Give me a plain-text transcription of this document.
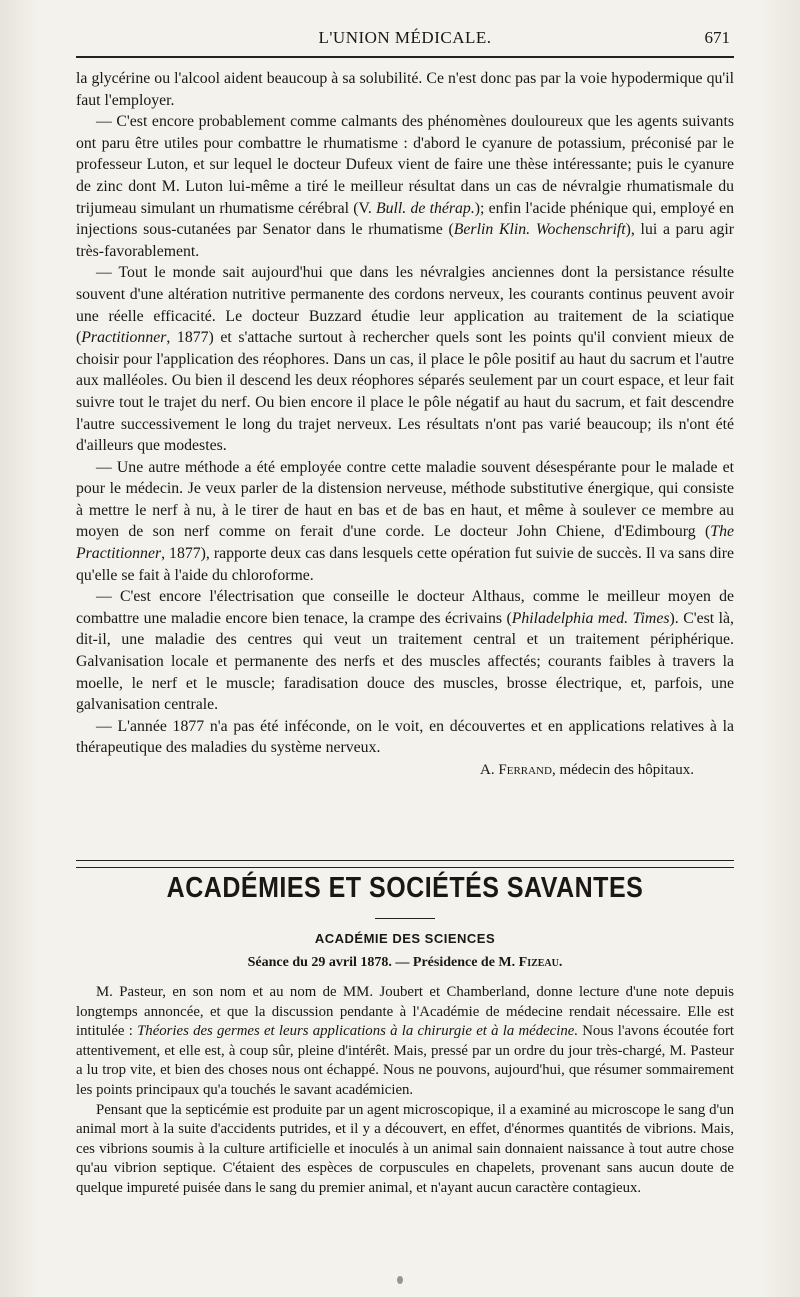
L'UNION MÉDICALE.	671

la glycérine ou l'alcool aident beaucoup à sa solubilité. Ce n'est donc pas par la voie hypodermique qu'il faut l'employer.

— C'est encore probablement comme calmants des phénomènes douloureux que les agents suivants ont paru être utiles pour combattre le rhumatisme : d'abord le cyanure de potassium, préconisé par le professeur Luton, et sur lequel le docteur Dufeux vient de faire une thèse intéressante; puis le cyanure de zinc dont M. Luton lui-même a tiré le meilleur résultat dans un cas de névralgie rhumatismale du trijumeau simulant un rhumatisme cérébral (V. Bull. de thérap.); enfin l'acide phénique qui, employé en injections sous-cutanées par Senator dans le rhumatisme (Berlin Klin. Wochenschrift), lui a paru agir très-favorablement.

— Tout le monde sait aujourd'hui que dans les névralgies anciennes dont la persistance résulte souvent d'une altération nutritive permanente des cordons nerveux, les courants continus peuvent avoir une réelle efficacité. Le docteur Buzzard étudie leur application au traitement de la sciatique (Practitionner, 1877) et s'attache surtout à rechercher quels sont les points qu'il convient mieux de choisir pour l'application des réophores. Dans un cas, il place le pôle positif au haut du sacrum et l'autre aux malléoles. Ou bien il descend les deux réophores séparés seulement par un court espace, et leur fait suivre tout le trajet du nerf. Ou bien encore il place le pôle négatif au haut du sacrum, et fait descendre l'autre successivement le long du trajet nerveux. Les résultats n'ont pas varié beaucoup; ils n'ont été d'ailleurs que modestes.

— Une autre méthode a été employée contre cette maladie souvent désespérante pour le malade et pour le médecin. Je veux parler de la distension nerveuse, méthode substitutive énergique, qui consiste à mettre le nerf à nu, à le tirer de haut en bas et de bas en haut, et même à soulever ce membre au moyen de son nerf comme on ferait d'une corde. Le docteur John Chiene, d'Edimbourg (The Practitionner, 1877), rapporte deux cas dans lesquels cette opération fut suivie de succès. Il va sans dire qu'elle se fait à l'aide du chloroforme.

— C'est encore l'électrisation que conseille le docteur Althaus, comme le meilleur moyen de combattre une maladie encore bien tenace, la crampe des écrivains (Philadelphia med. Times). C'est là, dit-il, une maladie des centres qui veut un traitement central et un traitement périphérique. Galvanisation locale et permanente des nerfs et des muscles affectés; courants faibles à travers la moelle, le nerf et le muscle; faradisation douce des muscles, brosse électrique, et, parfois, une galvanisation centrale.

— L'année 1877 n'a pas été inféconde, on le voit, en découvertes et en applications relatives à la thérapeutique des maladies du système nerveux.

A. Ferrand, médecin des hôpitaux.
ACADÉMIES ET SOCIÉTÉS SAVANTES
ACADÉMIE DES SCIENCES
Séance du 29 avril 1878. — Présidence de M. Fizeau.

M. Pasteur, en son nom et au nom de MM. Joubert et Chamberland, donne lecture d'une note depuis longtemps annoncée, et que la discussion pendante à l'Académie de médecine rendait nécessaire. Elle est intitulée : Théories des germes et leurs applications à la chirurgie et à la médecine. Nous l'avons écoutée fort attentivement, et elle est, à coup sûr, pleine d'intérêt. Mais, pressé par un ordre du jour très-chargé, M. Pasteur a lu trop vite, et bien des choses nous ont échappé. Nous ne pouvons, aujourd'hui, que résumer sommairement les points principaux qu'a touchés le savant académicien.

Pensant que la septicémie est produite par un agent microscopique, il a examiné au microscope le sang d'un animal mort à la suite d'accidents putrides, et il y a découvert, en effet, d'énormes quantités de vibrions. Mais, ces vibrions soumis à la culture artificielle et inoculés à un animal sain donnaient naissance à tout autre chose qu'au vibrion septique. C'étaient des espèces de corpuscules en chapelets, provenant sans aucun doute de quelque impureté puisée dans le sang du premier animal, et n'ayant aucun caractère contagieux.
